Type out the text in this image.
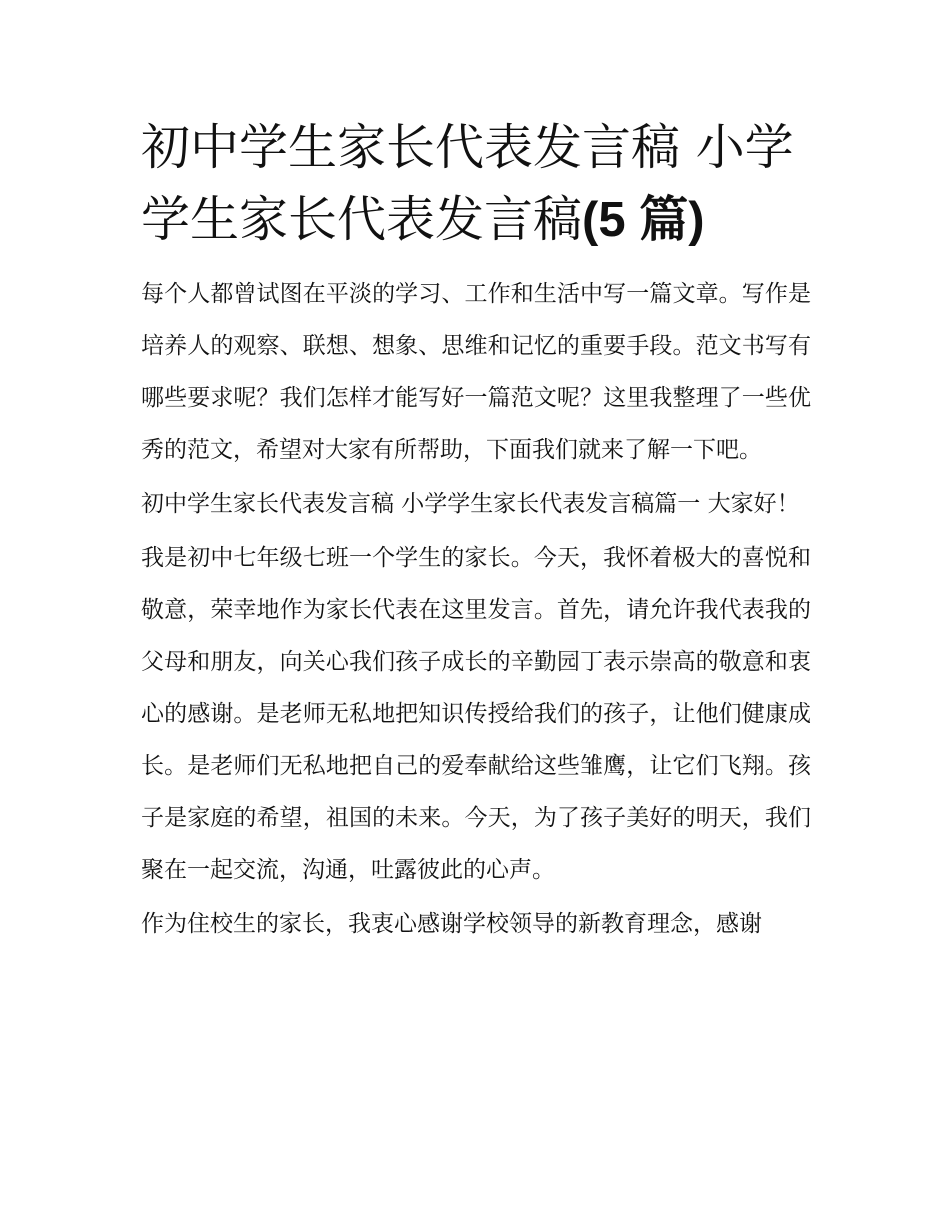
初中学生家长代表发言稿 小学
学生家长代表发言稿(5 篇)

每个人都曾试图在平淡的学习、工作和生活中写一篇文章。写作是培养人的观察、联想、想象、思维和记忆的重要手段。范文书写有哪些要求呢？我们怎样才能写好一篇范文呢？这里我整理了一些优秀的范文，希望对大家有所帮助，下面我们就来了解一下吧。

初中学生家长代表发言稿 小学学生家长代表发言稿篇一 大家好！

我是初中七年级七班一个学生的家长。今天，我怀着极大的喜悦和敬意，荣幸地作为家长代表在这里发言。首先，请允许我代表我的父母和朋友，向关心我们孩子成长的辛勤园丁表示崇高的敬意和衷心的感谢。是老师无私地把知识传授给我们的孩子，让他们健康成长。是老师们无私地把自己的爱奉献给这些雏鹰，让它们飞翔。孩子是家庭的希望，祖国的未来。今天，为了孩子美好的明天，我们聚在一起交流，沟通，吐露彼此的心声。

作为住校生的家长，我衷心感谢学校领导的新教育理念，感谢
